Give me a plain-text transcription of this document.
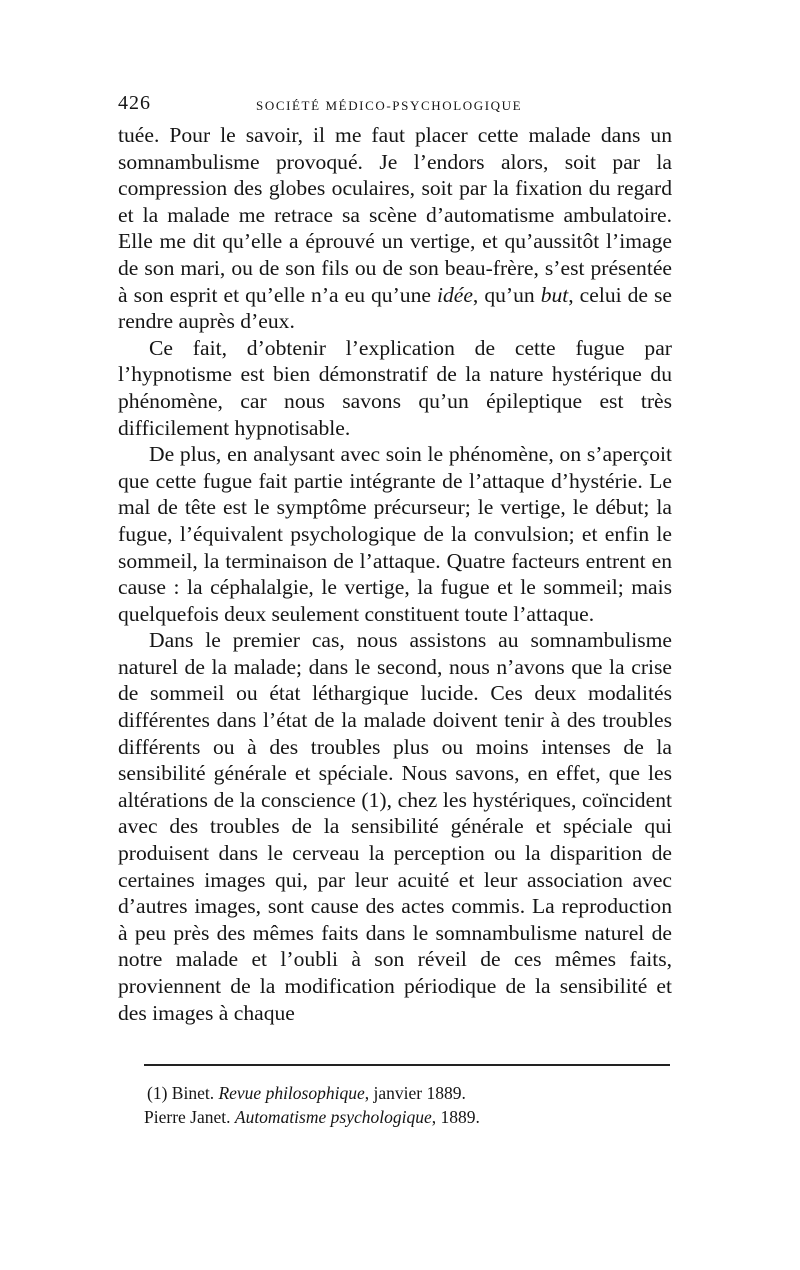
426	SOCIÉTÉ MÉDICO-PSYCHOLOGIQUE

tuée. Pour le savoir, il me faut placer cette malade dans un somnambulisme provoqué. Je l’endors alors, soit par la compression des globes oculaires, soit par la fixation du regard et la malade me retrace sa scène d’automatisme ambulatoire. Elle me dit qu’elle a éprouvé un vertige, et qu’aussitôt l’image de son mari, ou de son fils ou de son beau-frère, s’est présentée à son esprit et qu’elle n’a eu qu’une idée, qu’un but, celui de se rendre auprès d’eux.

Ce fait, d’obtenir l’explication de cette fugue par l’hypnotisme est bien démonstratif de la nature hystérique du phénomène, car nous savons qu’un épileptique est très difficilement hypnotisable.

De plus, en analysant avec soin le phénomène, on s’aperçoit que cette fugue fait partie intégrante de l’attaque d’hystérie. Le mal de tête est le symptôme précurseur; le vertige, le début; la fugue, l’équivalent psychologique de la convulsion; et enfin le sommeil, la terminaison de l’attaque. Quatre facteurs entrent en cause : la céphalalgie, le vertige, la fugue et le sommeil; mais quelquefois deux seulement constituent toute l’attaque.

Dans le premier cas, nous assistons au somnambulisme naturel de la malade; dans le second, nous n’avons que la crise de sommeil ou état léthargique lucide. Ces deux modalités différentes dans l’état de la malade doivent tenir à des troubles différents ou à des troubles plus ou moins intenses de la sensibilité générale et spéciale. Nous savons, en effet, que les altérations de la conscience (1), chez les hystériques, coïncident avec des troubles de la sensibilité générale et spéciale qui produisent dans le cerveau la perception ou la disparition de certaines images qui, par leur acuité et leur association avec d’autres images, sont cause des actes commis. La reproduction à peu près des mêmes faits dans le somnambulisme naturel de notre malade et l’oubli à son réveil de ces mêmes faits, proviennent de la modification périodique de la sensibilité et des images à chaque

(1) Binet. Revue philosophique, janvier 1889.
Pierre Janet. Automatisme psychologique, 1889.
